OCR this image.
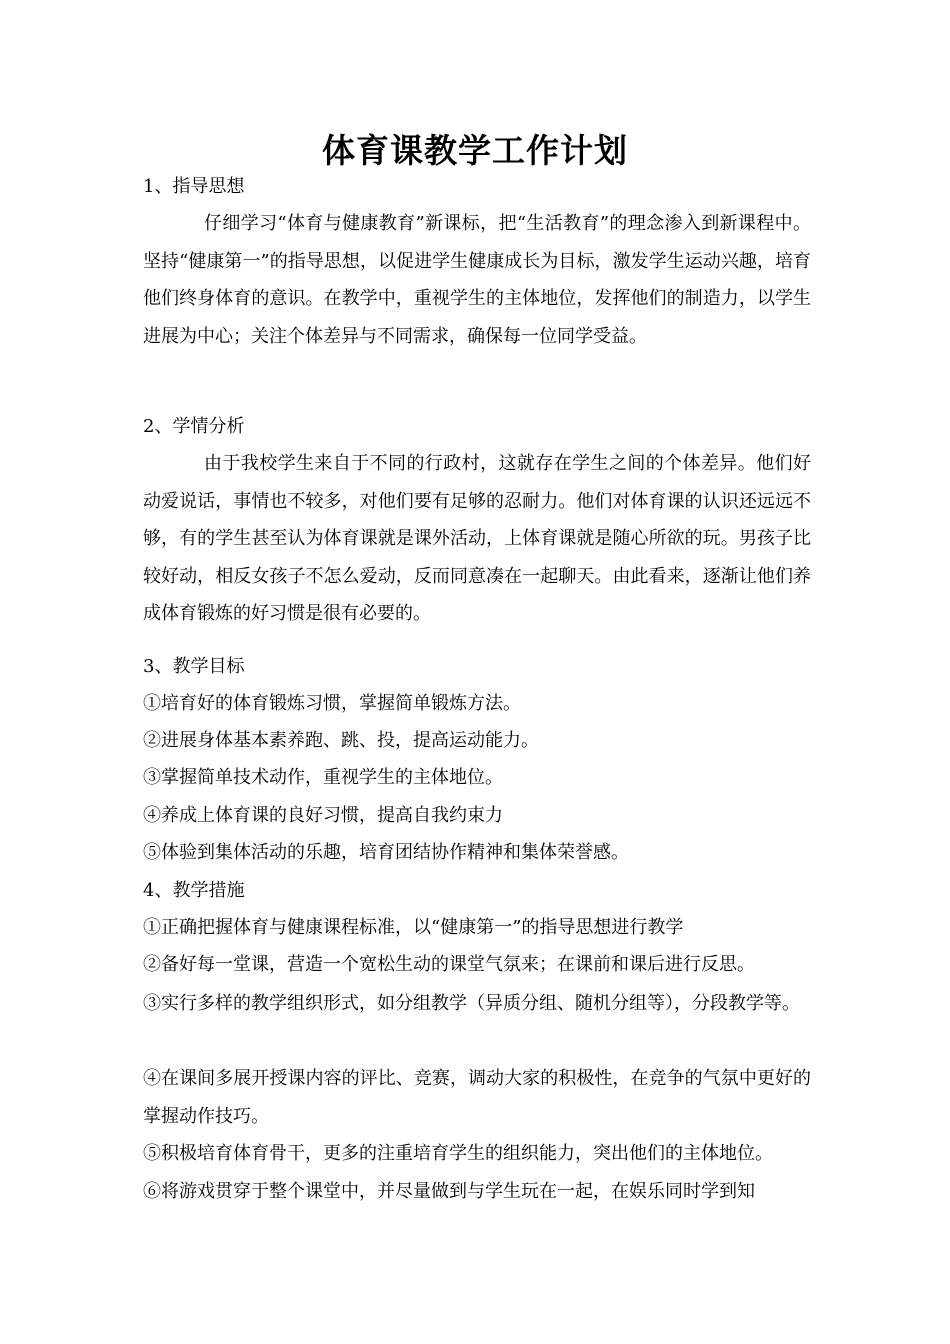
体育课教学工作计划

1、指导思想

仔细学习“体育与健康教育”新课标，把“生活教育”的理念渗入到新课程中。坚持“健康第一”的指导思想，以促进学生健康成长为目标，激发学生运动兴趣，培育他们终身体育的意识。在教学中，重视学生的主体地位，发挥他们的制造力，以学生进展为中心；关注个体差异与不同需求，确保每一位同学受益。

2、学情分析

由于我校学生来自于不同的行政村，这就存在学生之间的个体差异。他们好动爱说话，事情也不较多，对他们要有足够的忍耐力。他们对体育课的认识还远远不够，有的学生甚至认为体育课就是课外活动，上体育课就是随心所欲的玩。男孩子比较好动，相反女孩子不怎么爱动，反而同意凑在一起聊天。由此看来，逐渐让他们养成体育锻炼的好习惯是很有必要的。

3、教学目标

①培育好的体育锻炼习惯，掌握简单锻炼方法。

②进展身体基本素养跑、跳、投，提高运动能力。

③掌握简单技术动作，重视学生的主体地位。

④养成上体育课的良好习惯，提高自我约束力

⑤体验到集体活动的乐趣，培育团结协作精神和集体荣誉感。

4、教学措施

①正确把握体育与健康课程标准，以“健康第一”的指导思想进行教学

②备好每一堂课，营造一个宽松生动的课堂气氛来；在课前和课后进行反思。

③实行多样的教学组织形式，如分组教学（异质分组、随机分组等），分段教学等。

④在课间多展开授课内容的评比、竞赛，调动大家的积极性，在竞争的气氛中更好的掌握动作技巧。

⑤积极培育体育骨干，更多的注重培育学生的组织能力，突出他们的主体地位。

⑥将游戏贯穿于整个课堂中，并尽量做到与学生玩在一起，在娱乐同时学到知
